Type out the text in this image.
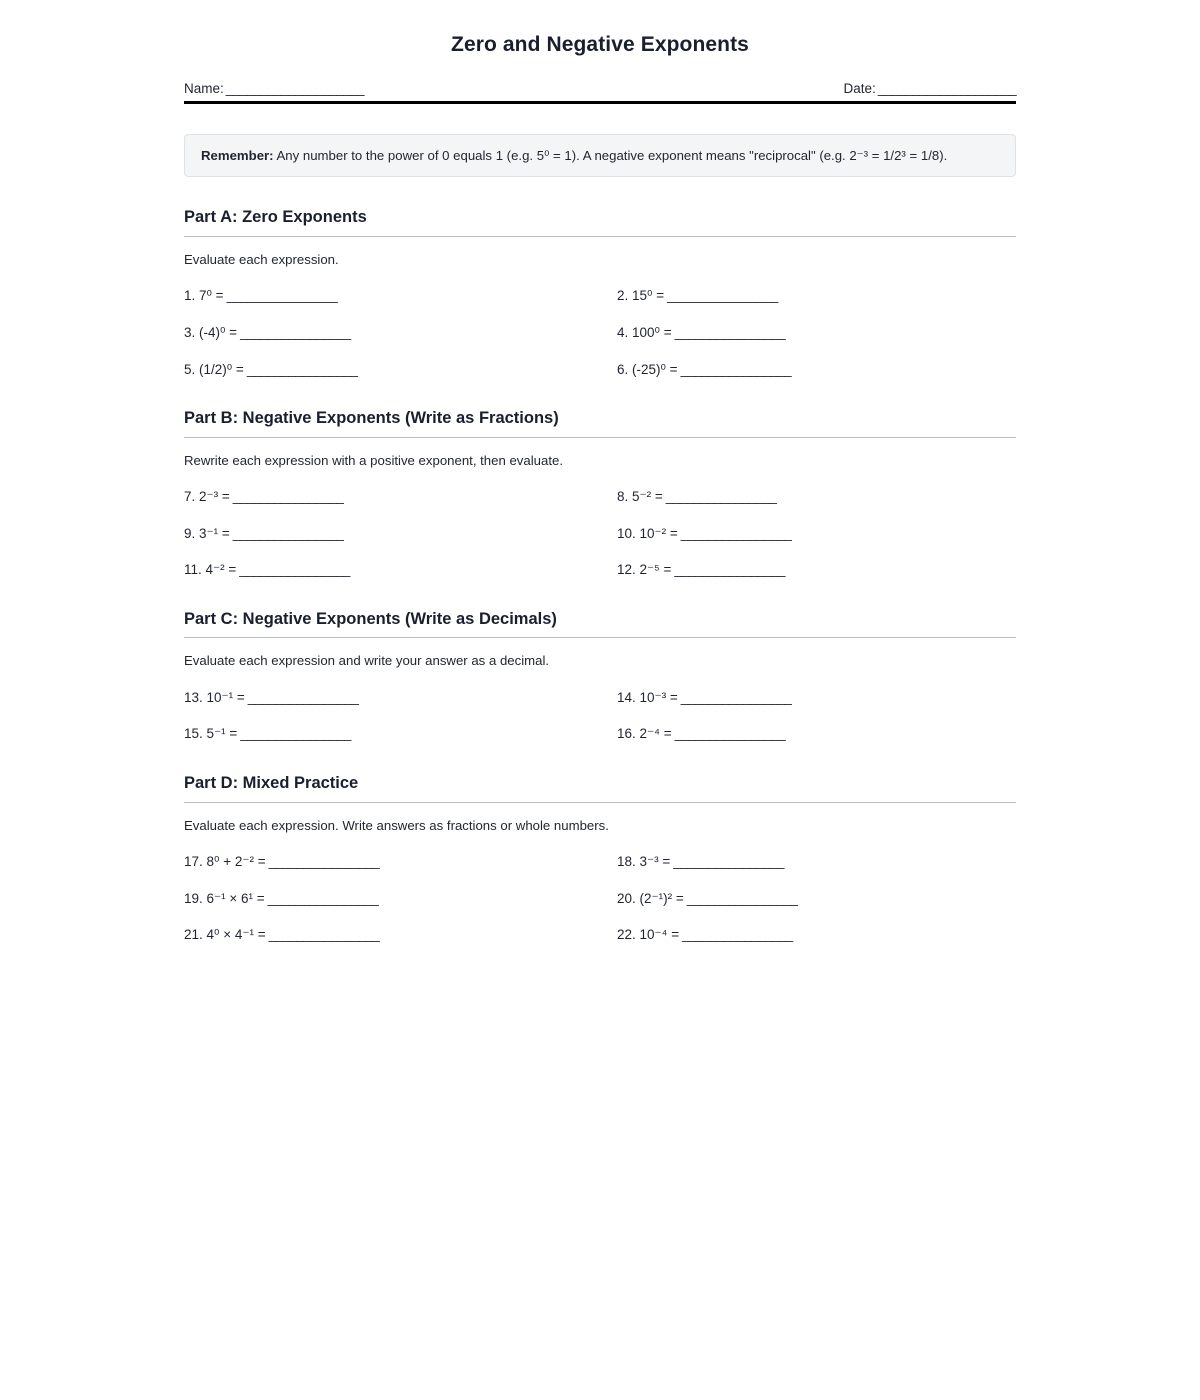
Zero and Negative Exponents
Name: ____________________	Date: ____________________
Remember: Any number to the power of 0 equals 1 (e.g. 5⁰ = 1). A negative exponent means "reciprocal" (e.g. 2⁻³ = 1/2³ = 1/8).
Part A: Zero Exponents

Evaluate each expression.

1. 7⁰ = ________________	2. 15⁰ = ________________
3. (-4)⁰ = ________________	4. 100⁰ = ________________
5. (1/2)⁰ = ________________	6. (-25)⁰ = ________________
Part B: Negative Exponents (Write as Fractions)

Rewrite each expression with a positive exponent, then evaluate.

7. 2⁻³ = ________________	8. 5⁻² = ________________
9. 3⁻¹ = ________________	10. 10⁻² = ________________
11. 4⁻² = ________________	12. 2⁻⁵ = ________________
Part C: Negative Exponents (Write as Decimals)

Evaluate each expression and write your answer as a decimal.

13. 10⁻¹ = ________________	14. 10⁻³ = ________________
15. 5⁻¹ = ________________	16. 2⁻⁴ = ________________
Part D: Mixed Practice

Evaluate each expression. Write answers as fractions or whole numbers.

17. 8⁰ + 2⁻² = ________________	18. 3⁻³ = ________________
19. 6⁻¹ × 6¹ = ________________	20. (2⁻¹)² = ________________
21. 4⁰ × 4⁻¹ = ________________	22. 10⁻⁴ = ________________
